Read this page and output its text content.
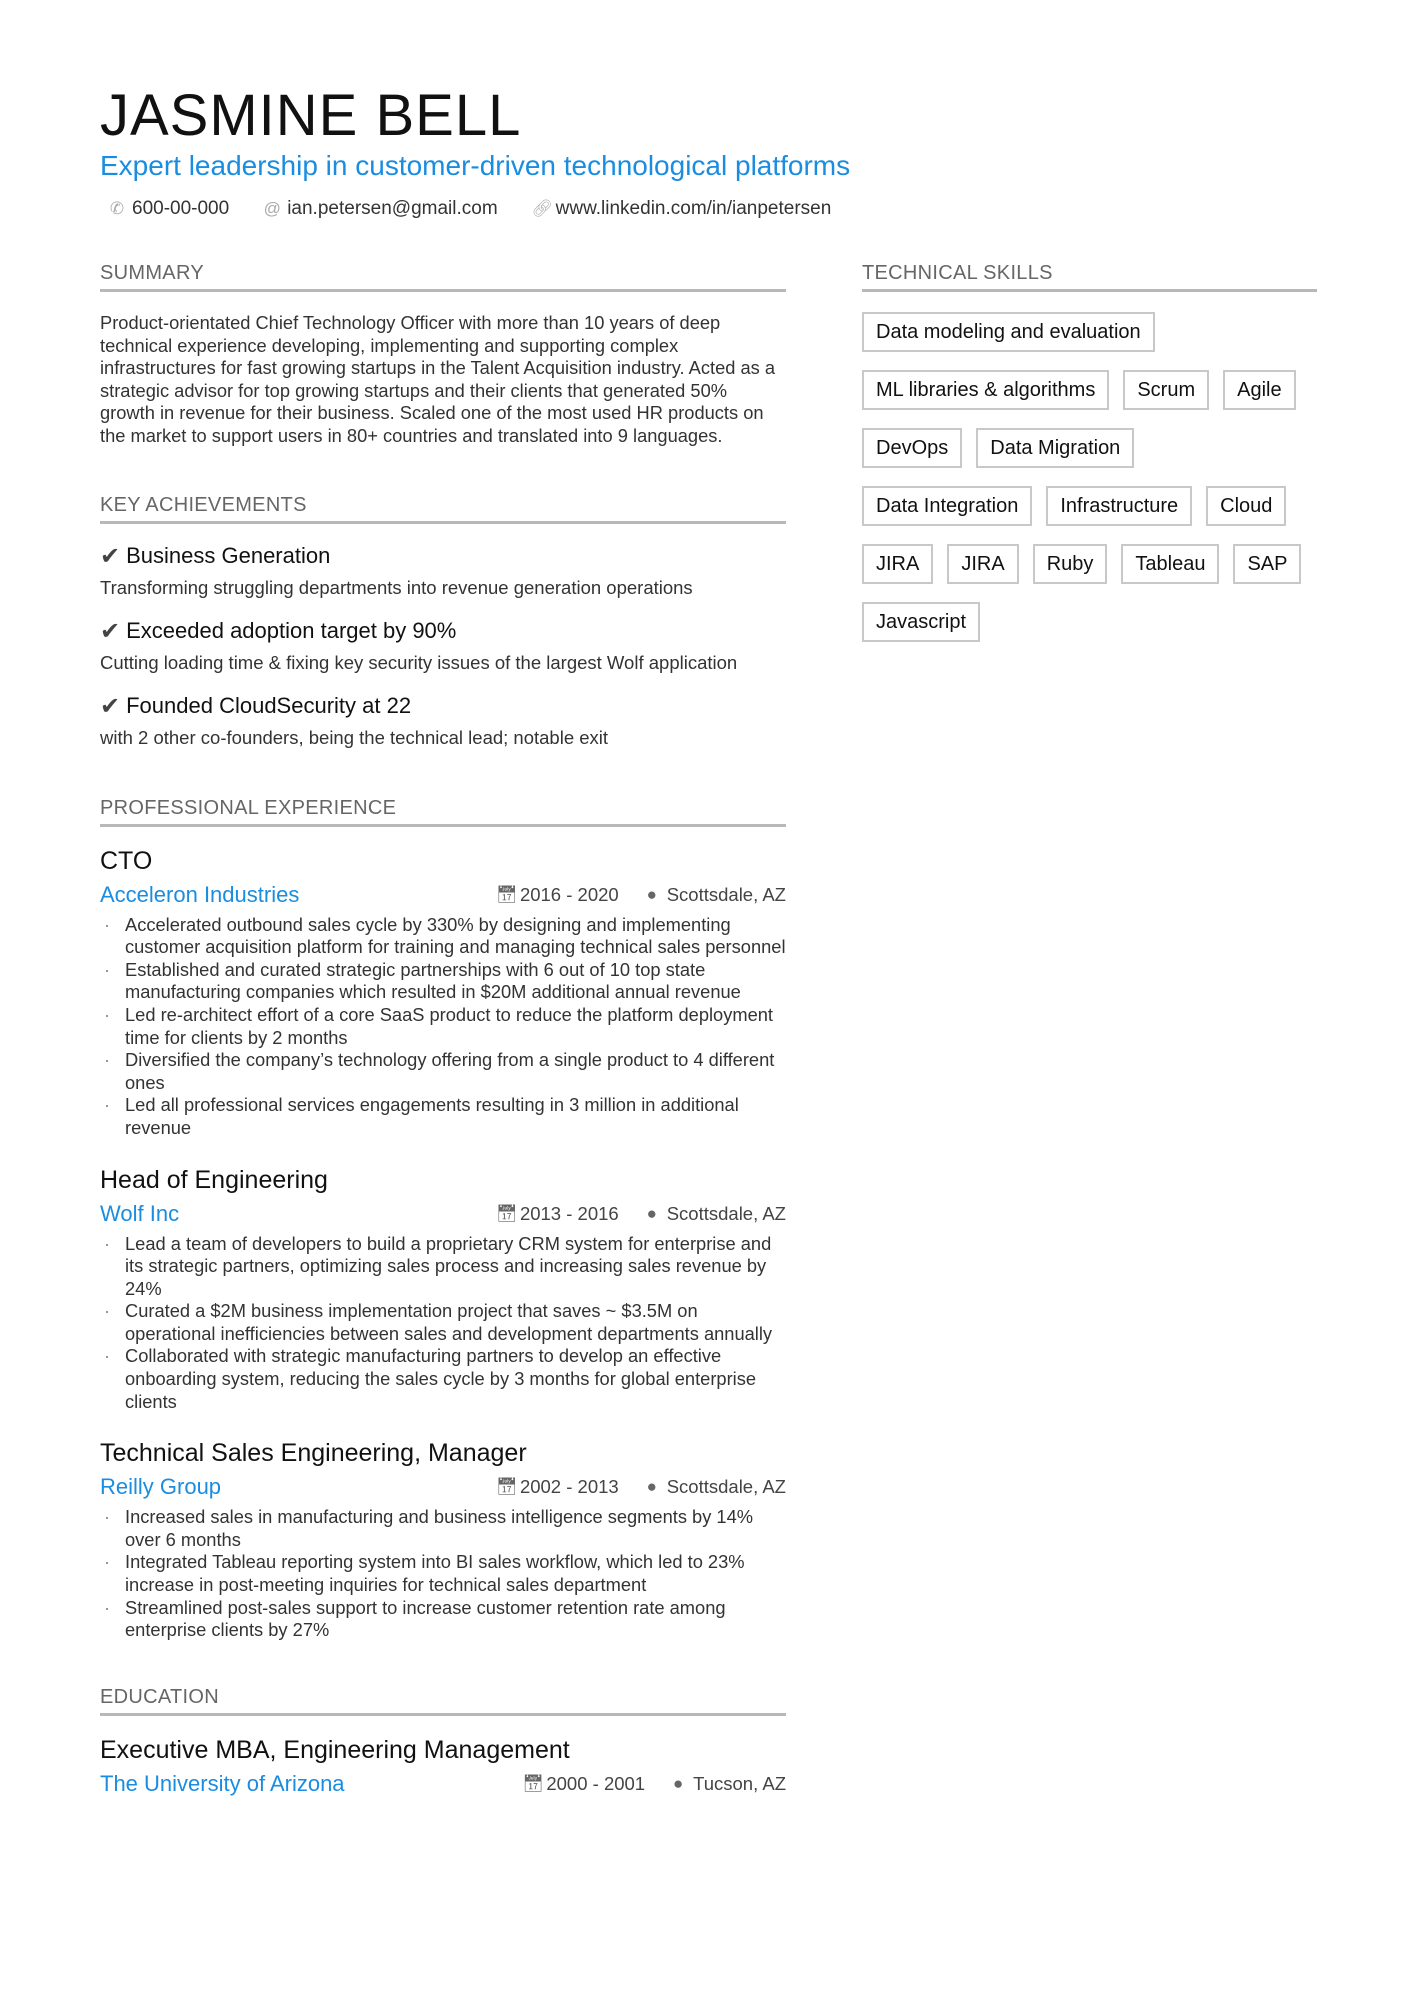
JASMINE BELL
Expert leadership in customer-driven technological platforms
✆ 600-00-000 @ ian.petersen@gmail.com 🔗︎ www.linkedin.com/in/ianpetersen
SUMMARY
Product-orientated Chief Technology Officer with more than 10 years of deep technical experience developing, implementing and supporting complex infrastructures for fast growing startups in the Talent Acquisition industry. Acted as a strategic advisor for top growing startups and their clients that generated 50% growth in revenue for their business. Scaled one of the most used HR products on the market to support users in 80+ countries and translated into 9 languages.
KEY ACHIEVEMENTS
✔ Business Generation
Transforming struggling departments into revenue generation operations
✔ Exceeded adoption target by 90%
Cutting loading time & fixing key security issues of the largest Wolf application
✔ Founded CloudSecurity at 22
with 2 other co-founders, being the technical lead; notable exit
PROFESSIONAL EXPERIENCE
CTO
Acceleron Industries	📅︎ 2016 - 2020 ● Scottsdale, AZ
· Accelerated outbound sales cycle by 330% by designing and implementing customer acquisition platform for training and managing technical sales personnel
· Established and curated strategic partnerships with 6 out of 10 top state manufacturing companies which resulted in $20M additional annual revenue
· Led re-architect effort of a core SaaS product to reduce the platform deployment time for clients by 2 months
· Diversified the company’s technology offering from a single product to 4 different ones
· Led all professional services engagements resulting in 3 million in additional revenue
Head of Engineering
Wolf Inc	📅︎ 2013 - 2016 ● Scottsdale, AZ
· Lead a team of developers to build a proprietary CRM system for enterprise and its strategic partners, optimizing sales process and increasing sales revenue by 24%
· Curated a $2M business implementation project that saves ~ $3.5M on operational inefficiencies between sales and development departments annually
· Collaborated with strategic manufacturing partners to develop an effective onboarding system, reducing the sales cycle by 3 months for global enterprise clients
Technical Sales Engineering, Manager
Reilly Group	📅︎ 2002 - 2013 ● Scottsdale, AZ
· Increased sales in manufacturing and business intelligence segments by 14% over 6 months
· Integrated Tableau reporting system into BI sales workflow, which led to 23% increase in post-meeting inquiries for technical sales department
· Streamlined post-sales support to increase customer retention rate among enterprise clients by 27%
EDUCATION
Executive MBA, Engineering Management
The University of Arizona	📅︎ 2000 - 2001 ● Tucson, AZ
TECHNICAL SKILLS
Data modeling and evaluation
ML libraries & algorithms	Scrum	Agile
DevOps	Data Migration
Data Integration	Infrastructure	Cloud
JIRA	JIRA	Ruby	Tableau	SAP
Javascript
